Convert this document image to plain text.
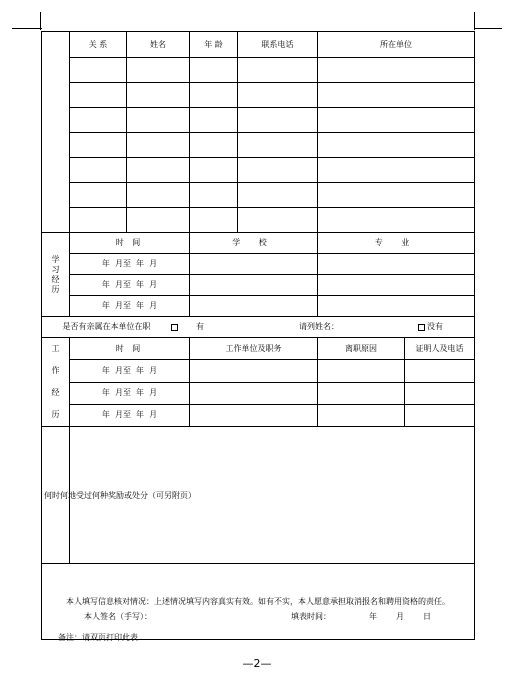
	关 系	姓名	年 龄	联系电话	所在单位	

学
习
经
历	时 间		学 校		专 业	
	年  月至  年  月					
	年  月至  年  月					
	年  月至  年  月					

是否有亲属在本单位在职 有 请列姓名： 没有						

工
作
经
历	时 间		工作单位及职务		离职原因	证明人及电话
	年  月至  年  月					
	年  月至  年  月					
	年  月至  年  月					
何时何地受过何种奖励或处分（可另附页）						
本人填写信息核对情况：上述情况填写内容真实有效。如有不实，本人愿意承担取消报名和聘用资格的责任。						
本人签名（手写）：	填表时间：	年 月 日
备注：请双页打印此表
—2—
